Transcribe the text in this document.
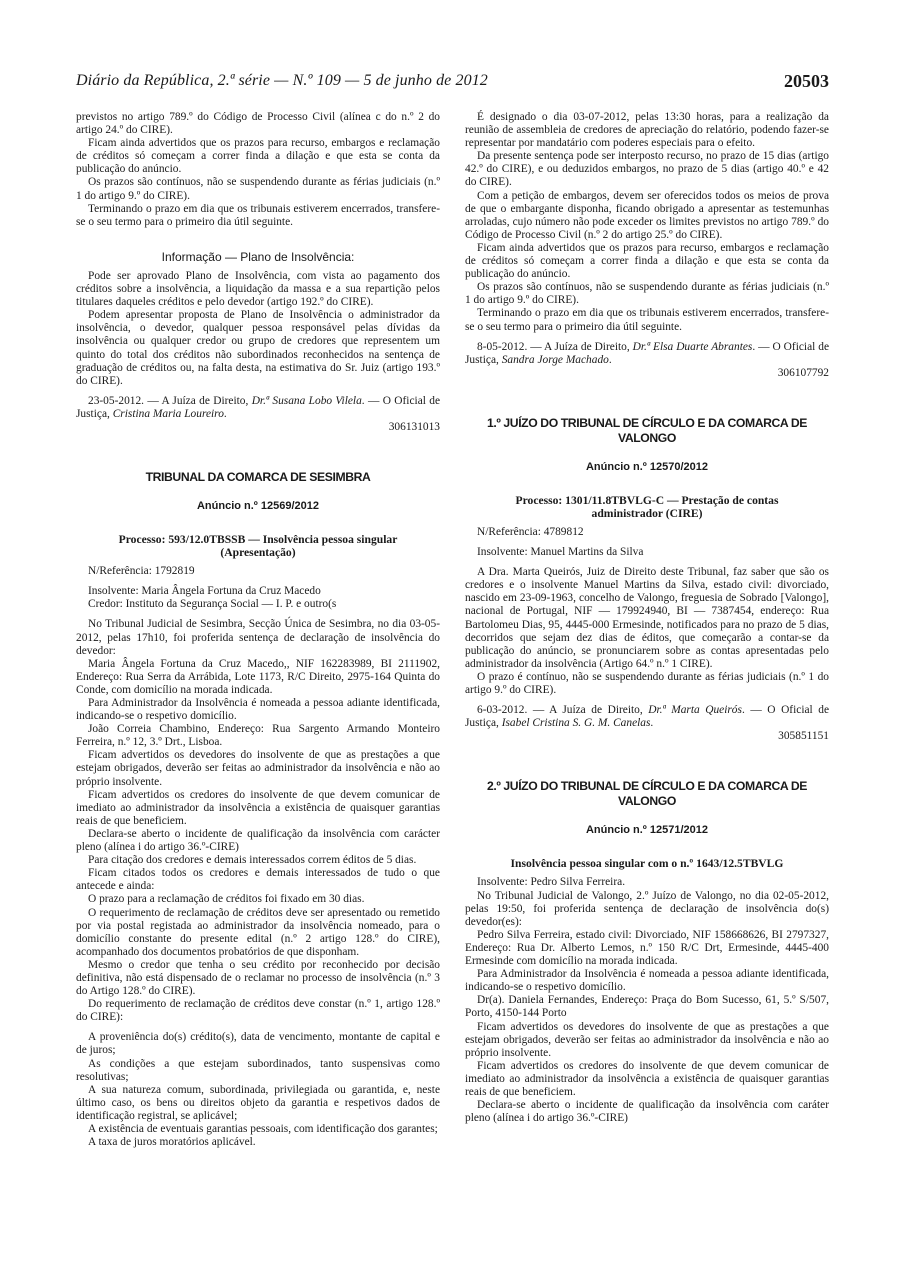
Diário da República, 2.ª série — N.º 109 — 5 de junho de 2012	20503

previstos no artigo 789.º do Código de Processo Civil (alínea c do n.º 2 do artigo 24.º do CIRE).

Ficam ainda advertidos que os prazos para recurso, embargos e reclamação de créditos só começam a correr finda a dilação e que esta se conta da publicação do anúncio.

Os prazos são contínuos, não se suspendendo durante as férias judiciais (n.º 1 do artigo 9.º do CIRE).

Terminando o prazo em dia que os tribunais estiverem encerrados, transfere-se o seu termo para o primeiro dia útil seguinte.

Informação — Plano de Insolvência:

Pode ser aprovado Plano de Insolvência, com vista ao pagamento dos créditos sobre a insolvência, a liquidação da massa e a sua repartição pelos titulares daqueles créditos e pelo devedor (artigo 192.º do CIRE).

Podem apresentar proposta de Plano de Insolvência o administrador da insolvência, o devedor, qualquer pessoa responsável pelas dívidas da insolvência ou qualquer credor ou grupo de credores que representem um quinto do total dos créditos não subordinados reconhecidos na sentença de graduação de créditos ou, na falta desta, na estimativa do Sr. Juiz (artigo 193.º do CIRE).

23-05-2012. — A Juíza de Direito, Dr.ª Susana Lobo Vilela. — O Oficial de Justiça, Cristina Maria Loureiro.

306131013
TRIBUNAL DA COMARCA DE SESIMBRA
Anúncio n.º 12569/2012
Processo: 593/12.0TBSSB — Insolvência pessoa singular (Apresentação)

N/Referência: 1792819

Insolvente: Maria Ângela Fortuna da Cruz Macedo

Credor: Instituto da Segurança Social — I. P. e outro(s

No Tribunal Judicial de Sesimbra, Secção Única de Sesimbra, no dia 03-05-2012, pelas 17h10, foi proferida sentença de declaração de insolvência do devedor:

Maria Ângela Fortuna da Cruz Macedo,, NIF 162283989, BI 2111902, Endereço: Rua Serra da Arrábida, Lote 1173, R/C Direito, 2975-164 Quinta do Conde, com domicílio na morada indicada.

Para Administrador da Insolvência é nomeada a pessoa adiante identificada, indicando-se o respetivo domicílio.

João Correia Chambino, Endereço: Rua Sargento Armando Monteiro Ferreira, n.º 12, 3.º Drt., Lisboa.

Ficam advertidos os devedores do insolvente de que as prestações a que estejam obrigados, deverão ser feitas ao administrador da insolvência e não ao próprio insolvente.

Ficam advertidos os credores do insolvente de que devem comunicar de imediato ao administrador da insolvência a existência de quaisquer garantias reais de que beneficiem.

Declara-se aberto o incidente de qualificação da insolvência com carácter pleno (alínea i do artigo 36.º-CIRE)

Para citação dos credores e demais interessados correm éditos de 5 dias.

Ficam citados todos os credores e demais interessados de tudo o que antecede e ainda:

O prazo para a reclamação de créditos foi fixado em 30 dias.

O requerimento de reclamação de créditos deve ser apresentado ou remetido por via postal registada ao administrador da insolvência nomeado, para o domicílio constante do presente edital (n.º 2 artigo 128.º do CIRE), acompanhado dos documentos probatórios de que disponham.

Mesmo o credor que tenha o seu crédito por reconhecido por decisão definitiva, não está dispensado de o reclamar no processo de insolvência (n.º 3 do Artigo 128.º do CIRE).

Do requerimento de reclamação de créditos deve constar (n.º 1, artigo 128.º do CIRE):

A proveniência do(s) crédito(s), data de vencimento, montante de capital e de juros;

As condições a que estejam subordinados, tanto suspensivas como resolutivas;

A sua natureza comum, subordinada, privilegiada ou garantida, e, neste último caso, os bens ou direitos objeto da garantia e respetivos dados de identificação registral, se aplicável;

A existência de eventuais garantias pessoais, com identificação dos garantes;

A taxa de juros moratórios aplicável.

É designado o dia 03-07-2012, pelas 13:30 horas, para a realização da reunião de assembleia de credores de apreciação do relatório, podendo fazer-se representar por mandatário com poderes especiais para o efeito.

Da presente sentença pode ser interposto recurso, no prazo de 15 dias (artigo 42.º do CIRE), e ou deduzidos embargos, no prazo de 5 dias (artigo 40.º e 42 do CIRE).

Com a petição de embargos, devem ser oferecidos todos os meios de prova de que o embargante disponha, ficando obrigado a apresentar as testemunhas arroladas, cujo número não pode exceder os limites previstos no artigo 789.º do Código de Processo Civil (n.º 2 do artigo 25.º do CIRE).

Ficam ainda advertidos que os prazos para recurso, embargos e reclamação de créditos só começam a correr finda a dilação e que esta se conta da publicação do anúncio.

Os prazos são contínuos, não se suspendendo durante as férias judiciais (n.º 1 do artigo 9.º do CIRE).

Terminando o prazo em dia que os tribunais estiverem encerrados, transfere-se o seu termo para o primeiro dia útil seguinte.

8-05-2012. — A Juíza de Direito, Dr.ª Elsa Duarte Abrantes. — O Oficial de Justiça, Sandra Jorge Machado.

306107792
1.º JUÍZO DO TRIBUNAL DE CÍRCULO E DA COMARCA DE VALONGO
Anúncio n.º 12570/2012
Processo: 1301/11.8TBVLG-C — Prestação de contas administrador (CIRE)

N/Referência: 4789812

Insolvente: Manuel Martins da Silva

A Dra. Marta Queirós, Juiz de Direito deste Tribunal, faz saber que são os credores e o insolvente Manuel Martins da Silva, estado civil: divorciado, nascido em 23-09-1963, concelho de Valongo, freguesia de Sobrado [Valongo], nacional de Portugal, NIF — 179924940, BI — 7387454, endereço: Rua Bartolomeu Dias, 95, 4445-000 Ermesinde, notificados para no prazo de 5 dias, decorridos que sejam dez dias de éditos, que começarão a contar-se da publicação do anúncio, se pronunciarem sobre as contas apresentadas pelo administrador da insolvência (Artigo 64.º n.º 1 CIRE).

O prazo é contínuo, não se suspendendo durante as férias judiciais (n.º 1 do artigo 9.º do CIRE).

6-03-2012. — A Juíza de Direito, Dr.ª Marta Queirós. — O Oficial de Justiça, Isabel Cristina S. G. M. Canelas.

305851151
2.º JUÍZO DO TRIBUNAL DE CÍRCULO E DA COMARCA DE VALONGO
Anúncio n.º 12571/2012
Insolvência pessoa singular com o n.º 1643/12.5TBVLG

Insolvente: Pedro Silva Ferreira.

No Tribunal Judicial de Valongo, 2.º Juízo de Valongo, no dia 02-05-2012, pelas 19:50, foi proferida sentença de declaração de insolvência do(s) devedor(es):

Pedro Silva Ferreira, estado civil: Divorciado, NIF 158668626, BI 2797327, Endereço: Rua Dr. Alberto Lemos, n.º 150 R/C Drt, Ermesinde, 4445-400 Ermesinde com domicílio na morada indicada.

Para Administrador da Insolvência é nomeada a pessoa adiante identificada, indicando-se o respetivo domicílio.

Dr(a). Daniela Fernandes, Endereço: Praça do Bom Sucesso, 61, 5.º S/507, Porto, 4150-144 Porto

Ficam advertidos os devedores do insolvente de que as prestações a que estejam obrigados, deverão ser feitas ao administrador da insolvência e não ao próprio insolvente.

Ficam advertidos os credores do insolvente de que devem comunicar de imediato ao administrador da insolvência a existência de quaisquer garantias reais de que beneficiem.

Declara-se aberto o incidente de qualificação da insolvência com caráter pleno (alínea i do artigo 36.º-CIRE)
